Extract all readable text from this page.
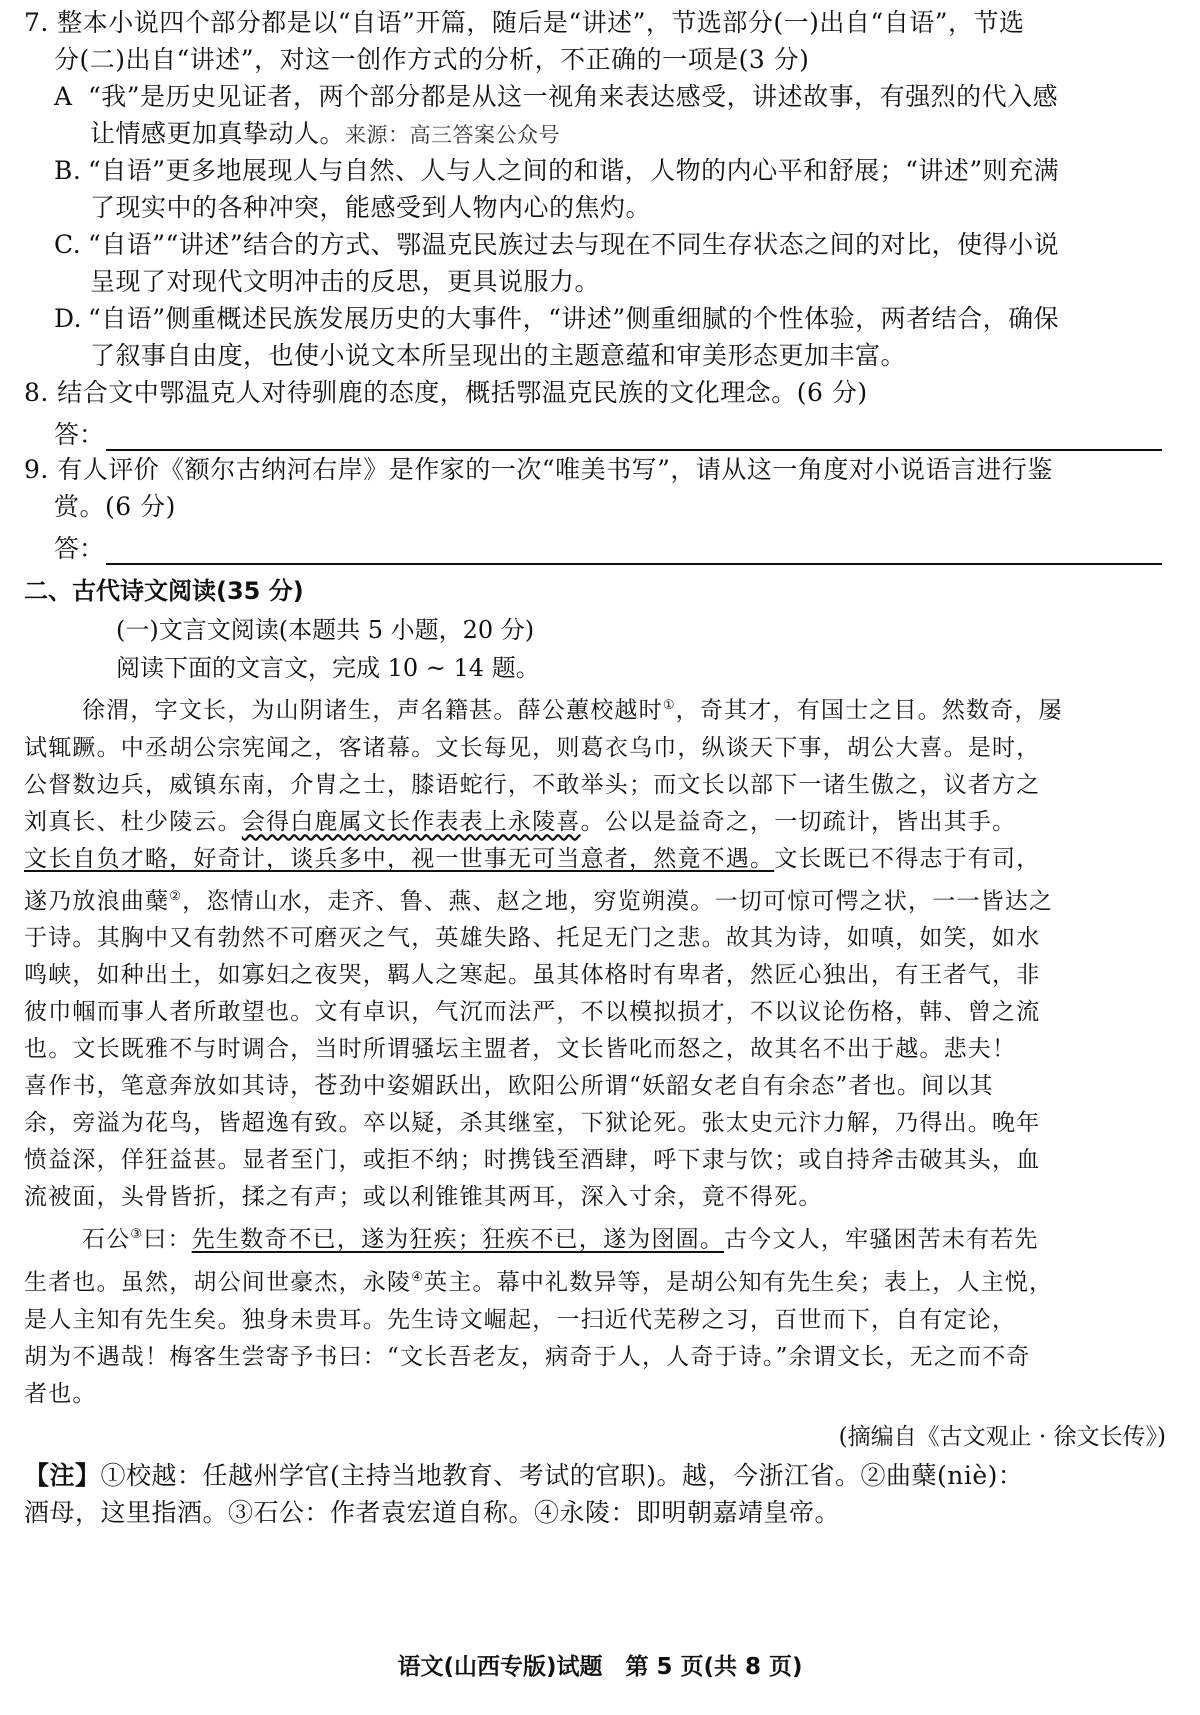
7. 整本小说四个部分都是以“自语”开篇，随后是“讲述”，节选部分(一)出自“自语”，节选
分(二)出自“讲述”，对这一创作方式的分析，不正确的一项是(3 分)
A “我”是历史见证者，两个部分都是从这一视角来表达感受，讲述故事，有强烈的代入感
让情感更加真挚动人。来源：高三答案公众号
B. “自语”更多地展现人与自然、人与人之间的和谐，人物的内心平和舒展；“讲述”则充满
了现实中的各种冲突，能感受到人物内心的焦灼。
C. “自语”“讲述”结合的方式、鄂温克民族过去与现在不同生存状态之间的对比，使得小说
呈现了对现代文明冲击的反思，更具说服力。
D. “自语”侧重概述民族发展历史的大事件，“讲述”侧重细腻的个性体验，两者结合，确保
了叙事自由度，也使小说文本所呈现出的主题意蕴和审美形态更加丰富。
8. 结合文中鄂温克人对待驯鹿的态度，概括鄂温克民族的文化理念。(6 分)
答：
9. 有人评价《额尔古纳河右岸》是作家的一次“唯美书写”，请从这一角度对小说语言进行鉴
赏。(6 分)
答：
二、古代诗文阅读(35 分)
(一)文言文阅读(本题共 5 小题，20 分)
阅读下面的文言文，完成 10 ~ 14 题。
徐渭，字文长，为山阴诸生，声名籍甚。薛公蕙校越时①，奇其才，有国士之目。然数奇，屡
试辄蹶。中丞胡公宗宪闻之，客诸幕。文长每见，则葛衣乌巾，纵谈天下事，胡公大喜。是时，
公督数边兵，威镇东南，介胄之士，膝语蛇行，不敢举头；而文长以部下一诸生傲之，议者方之
刘真长、杜少陵云。会得白鹿属文长作表表上永陵喜。公以是益奇之，一切疏计，皆出其手。
文长自负才略，好奇计，谈兵多中，视一世事无可当意者，然竟不遇。文长既已不得志于有司，
遂乃放浪曲蘖②，恣情山水，走齐、鲁、燕、赵之地，穷览朔漠。一切可惊可愕之状，一一皆达之
于诗。其胸中又有勃然不可磨灭之气，英雄失路、托足无门之悲。故其为诗，如嗔，如笑，如水
鸣峡，如种出土，如寡妇之夜哭，羁人之寒起。虽其体格时有卑者，然匠心独出，有王者气，非
彼巾帼而事人者所敢望也。文有卓识，气沉而法严，不以模拟损才，不以议论伤格，韩、曾之流
也。文长既雅不与时调合，当时所谓骚坛主盟者，文长皆叱而怒之，故其名不出于越。悲夫！
喜作书，笔意奔放如其诗，苍劲中姿媚跃出，欧阳公所谓“妖韶女老自有余态”者也。间以其
余，旁溢为花鸟，皆超逸有致。卒以疑，杀其继室，下狱论死。张太史元汴力解，乃得出。晚年
愤益深，佯狂益甚。显者至门，或拒不纳；时携钱至酒肆，呼下隶与饮；或自持斧击破其头，血
流被面，头骨皆折，揉之有声；或以利锥锥其两耳，深入寸余，竟不得死。
石公③曰：先生数奇不已，遂为狂疾；狂疾不已，遂为囹圄。古今文人，牢骚困苦未有若先
生者也。虽然，胡公间世豪杰，永陵④英主。幕中礼数异等，是胡公知有先生矣；表上，人主悦，
是人主知有先生矣。独身未贵耳。先生诗文崛起，一扫近代芜秽之习，百世而下，自有定论，
胡为不遇哉！梅客生尝寄予书曰：“文长吾老友，病奇于人，人奇于诗。”余谓文长，无之而不奇
者也。
(摘编自《古文观止 · 徐文长传》)
【注】①校越：任越州学官(主持当地教育、考试的官职)。越，今浙江省。②曲蘖(niè)：
酒母，这里指酒。③石公：作者袁宏道自称。④永陵：即明朝嘉靖皇帝。
语文(山西专版)试题　第 5 页(共 8 页)
